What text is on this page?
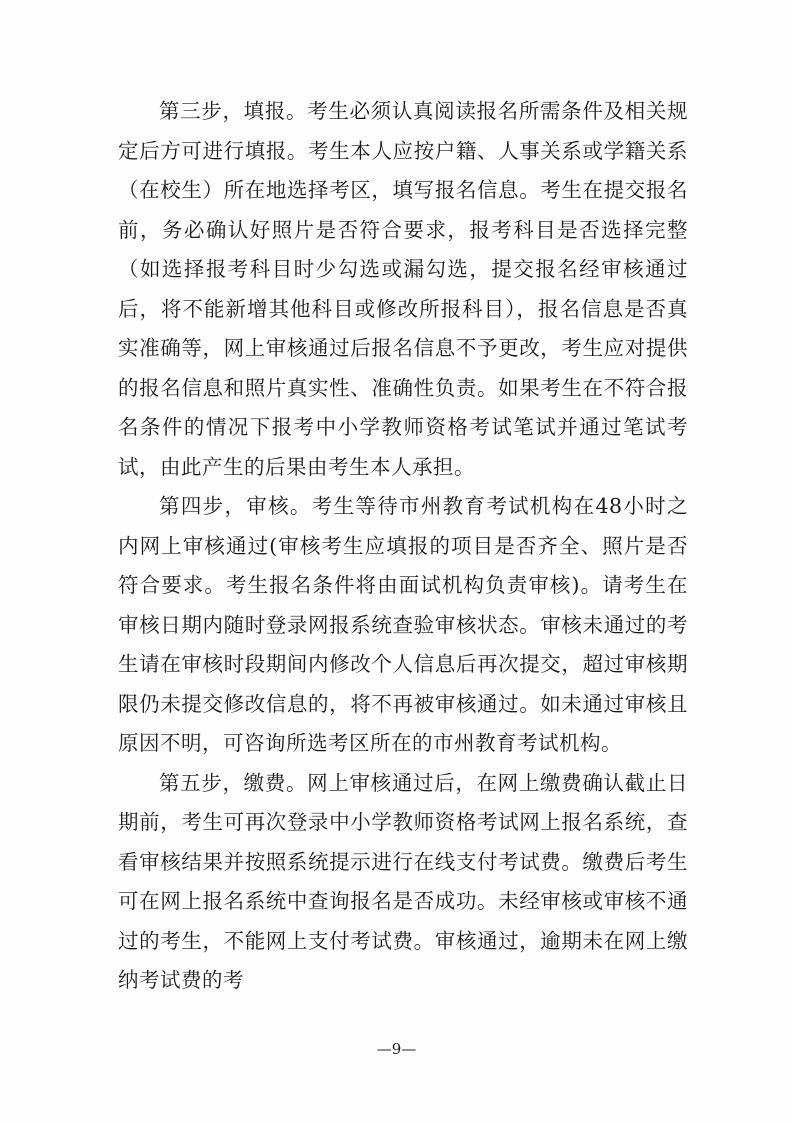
第三步，填报。考生必须认真阅读报名所需条件及相关规定后方可进行填报。考生本人应按户籍、人事关系或学籍关系（在校生）所在地选择考区，填写报名信息。考生在提交报名前，务必确认好照片是否符合要求，报考科目是否选择完整（如选择报考科目时少勾选或漏勾选，提交报名经审核通过后，将不能新增其他科目或修改所报科目），报名信息是否真实准确等，网上审核通过后报名信息不予更改，考生应对提供的报名信息和照片真实性、准确性负责。如果考生在不符合报名条件的情况下报考中小学教师资格考试笔试并通过笔试考试，由此产生的后果由考生本人承担。

第四步，审核。考生等待市州教育考试机构在48小时之内网上审核通过(审核考生应填报的项目是否齐全、照片是否符合要求。考生报名条件将由面试机构负责审核)。请考生在审核日期内随时登录网报系统查验审核状态。审核未通过的考生请在审核时段期间内修改个人信息后再次提交，超过审核期限仍未提交修改信息的，将不再被审核通过。如未通过审核且原因不明，可咨询所选考区所在的市州教育考试机构。

第五步，缴费。网上审核通过后，在网上缴费确认截止日期前，考生可再次登录中小学教师资格考试网上报名系统，查看审核结果并按照系统提示进行在线支付考试费。缴费后考生可在网上报名系统中查询报名是否成功。未经审核或审核不通过的考生，不能网上支付考试费。审核通过，逾期未在网上缴纳考试费的考

—9—
